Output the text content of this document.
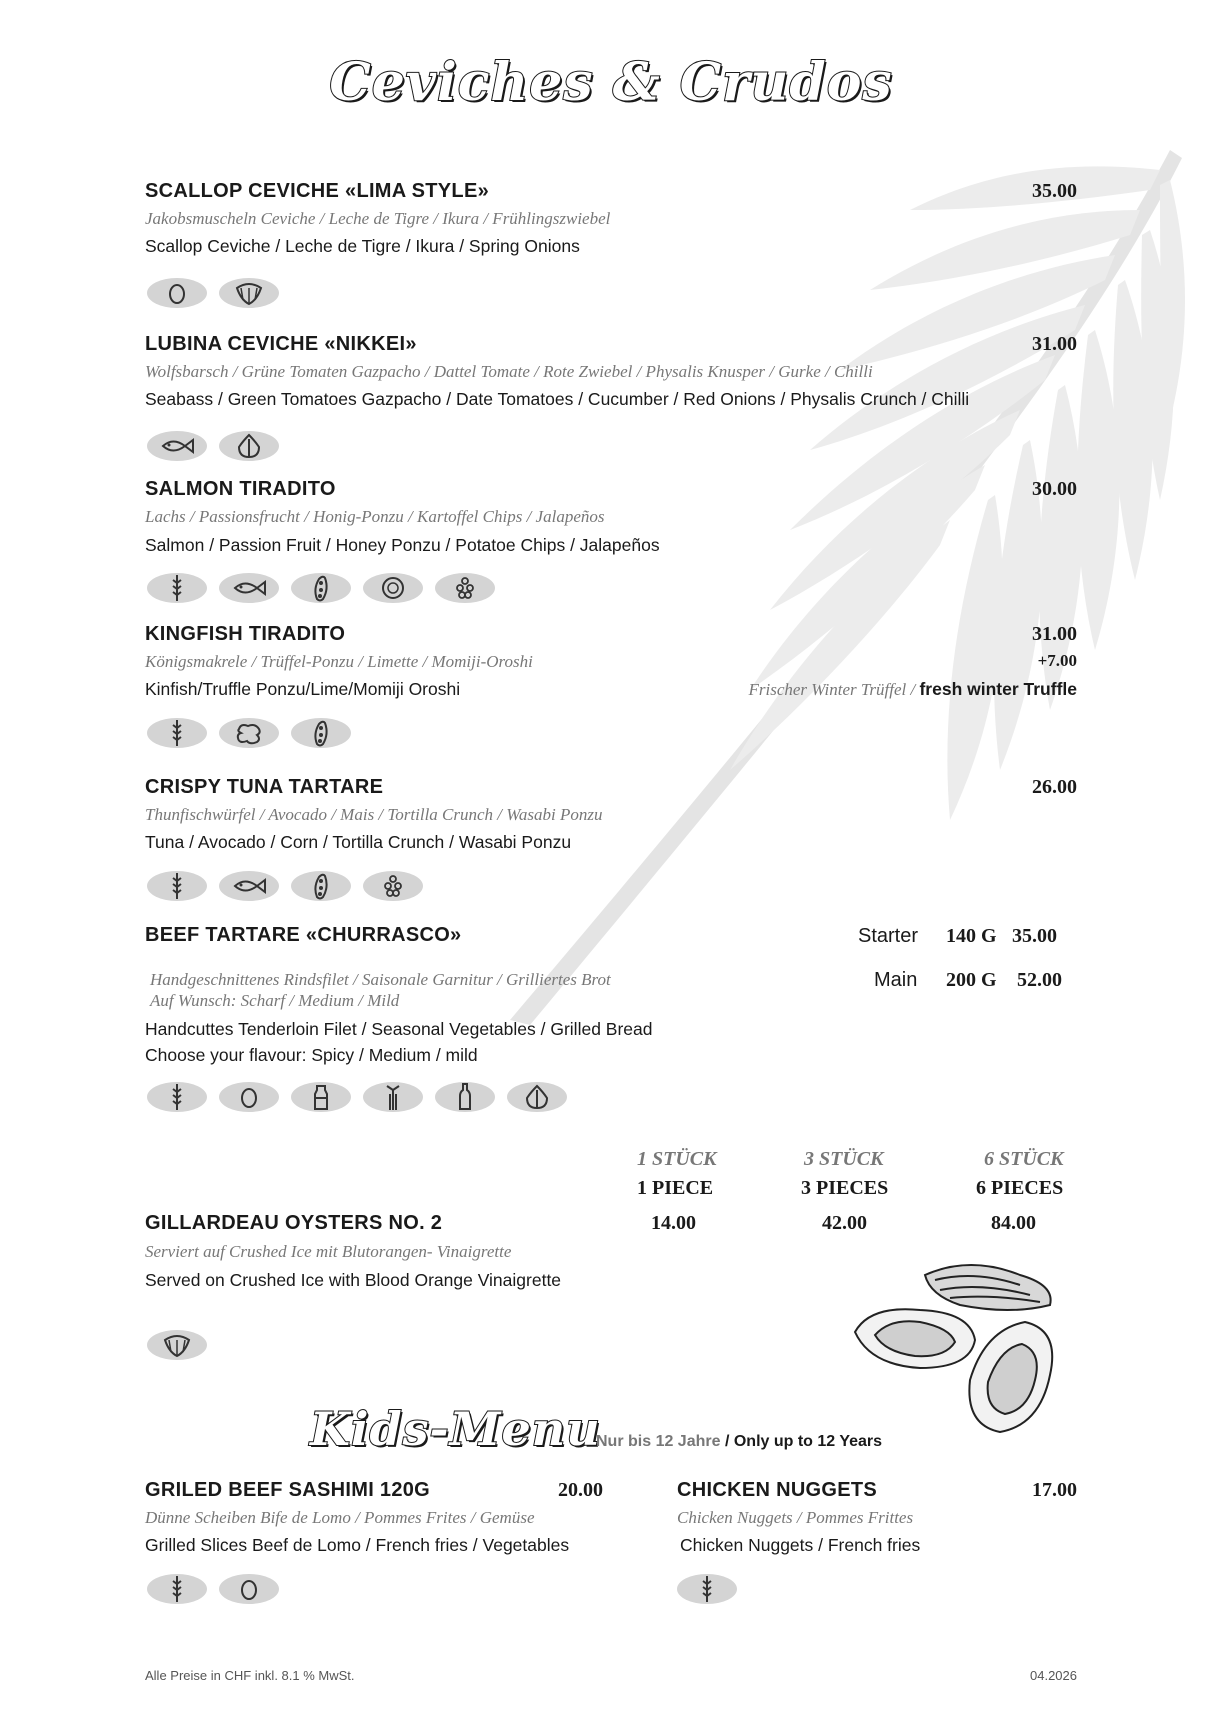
Ceviches & Crudos
SCALLOP CEVICHE «LIMA STYLE»	35.00
Jakobsmuscheln Ceviche / Leche de Tigre / Ikura / Frühlingszwiebel
Scallop Ceviche / Leche de Tigre / Ikura / Spring Onions
LUBINA CEVICHE «NIKKEI»	31.00
Wolfsbarsch / Grüne Tomaten Gazpacho / Dattel Tomate / Rote Zwiebel / Physalis Knusper / Gurke / Chilli
Seabass / Green Tomatoes Gazpacho / Date Tomatoes / Cucumber / Red Onions / Physalis Crunch / Chilli
SALMON TIRADITO	30.00
Lachs / Passionsfrucht / Honig-Ponzu / Kartoffel Chips / Jalapeños
Salmon / Passion Fruit / Honey Ponzu / Potatoe Chips / Jalapeños
KINGFISH TIRADITO	31.00
+7.00
Königsmakrele / Trüffel-Ponzu / Limette / Momiji-Oroshi
Kinfish/Truffle Ponzu/Lime/Momiji Oroshi	Frischer Winter Trüffel / fresh winter Truffle
CRISPY TUNA TARTARE	26.00
Thunfischwürfel / Avocado / Mais / Tortilla Crunch / Wasabi Ponzu
Tuna / Avocado / Corn / Tortilla Crunch / Wasabi Ponzu
BEEF TARTARE «CHURRASCO»	Starter 140 G 35.00
Main 200 G 52.00
Handgeschnittenes Rindsfilet / Saisonale Garnitur / Grilliertes Brot
Auf Wunsch: Scharf / Medium / Mild
Handcuttes Tenderloin Filet / Seasonal Vegetables / Grilled Bread
Choose your flavour: Spicy / Medium / mild
1 STÜCK
1 PIECE
3 STÜCK
3 PIECES
6 STÜCK
6 PIECES
GILLARDEAU OYSTERS NO. 2	14.00	42.00	84.00
Serviert auf Crushed Ice mit Blutorangen- Vinaigrette
Served on Crushed Ice with Blood Orange Vinaigrette
Kids-Menu
Nur bis 12 Jahre / Only up to 12 Years
GRILED BEEF SASHIMI 120G	20.00
Dünne Scheiben Bife de Lomo / Pommes Frites / Gemüse
Grilled Slices Beef de Lomo / French fries / Vegetables
CHICKEN NUGGETS	17.00
Chicken Nuggets / Pommes Frittes
Chicken Nuggets / French fries
Alle Preise in CHF inkl. 8.1 % MwSt.	04.2026
